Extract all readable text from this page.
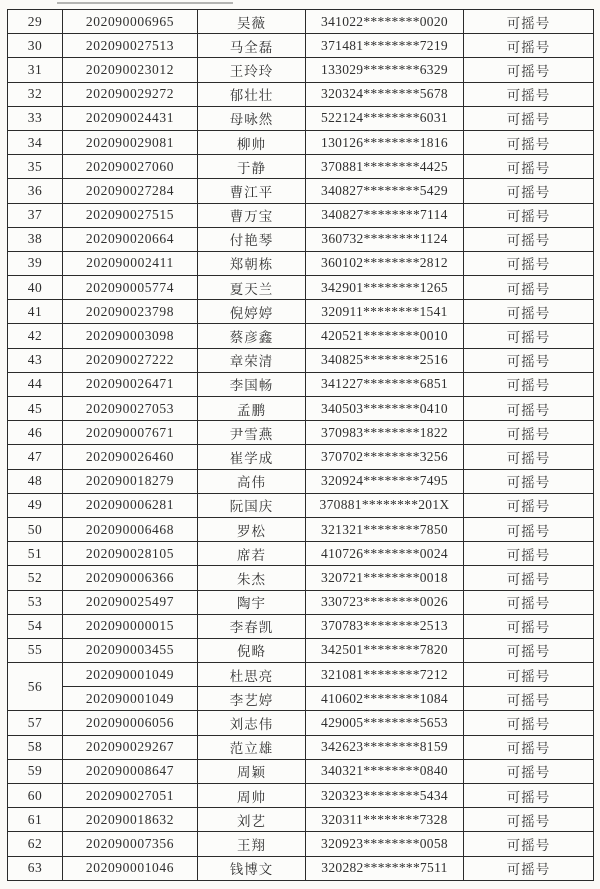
29	202090006965	吴薇	341022********0020	可摇号
30	202090027513	马全磊	371481********7219	可摇号
31	202090023012	王玲玲	133029********6329	可摇号
32	202090029272	郁壮壮	320324********5678	可摇号
33	202090024431	母咏然	522124********6031	可摇号
34	202090029081	柳帅	130126********1816	可摇号
35	202090027060	于静	370881********4425	可摇号
36	202090027284	曹江平	340827********5429	可摇号
37	202090027515	曹万宝	340827********7114	可摇号
38	202090020664	付艳琴	360732********1124	可摇号
39	202090002411	郑朝栋	360102********2812	可摇号
40	202090005774	夏天兰	342901********1265	可摇号
41	202090023798	倪婷婷	320911********1541	可摇号
42	202090003098	蔡彦鑫	420521********0010	可摇号
43	202090027222	章荣清	340825********2516	可摇号
44	202090026471	李国畅	341227********6851	可摇号
45	202090027053	孟鹏	340503********0410	可摇号
46	202090007671	尹雪燕	370983********1822	可摇号
47	202090026460	崔学成	370702********3256	可摇号
48	202090018279	高伟	320924********7495	可摇号
49	202090006281	阮国庆	370881********201X	可摇号
50	202090006468	罗松	321321********7850	可摇号
51	202090028105	席若	410726********0024	可摇号
52	202090006366	朱杰	320721********0018	可摇号
53	202090025497	陶宇	330723********0026	可摇号
54	202090000015	李春凯	370783********2513	可摇号
55	202090003455	倪略	342501********7820	可摇号
56	202090001049	杜思亮	321081********7212	可摇号
	202090001049	李艺婷	410602********1084	可摇号
57	202090006056	刘志伟	429005********5653	可摇号
58	202090029267	范立雄	342623********8159	可摇号
59	202090008647	周颖	340321********0840	可摇号
60	202090027051	周帅	320323********5434	可摇号
61	202090018632	刘艺	320311********7328	可摇号
62	202090007356	王翔	320923********0058	可摇号
63	202090001046	钱博文	320282********7511	可摇号
